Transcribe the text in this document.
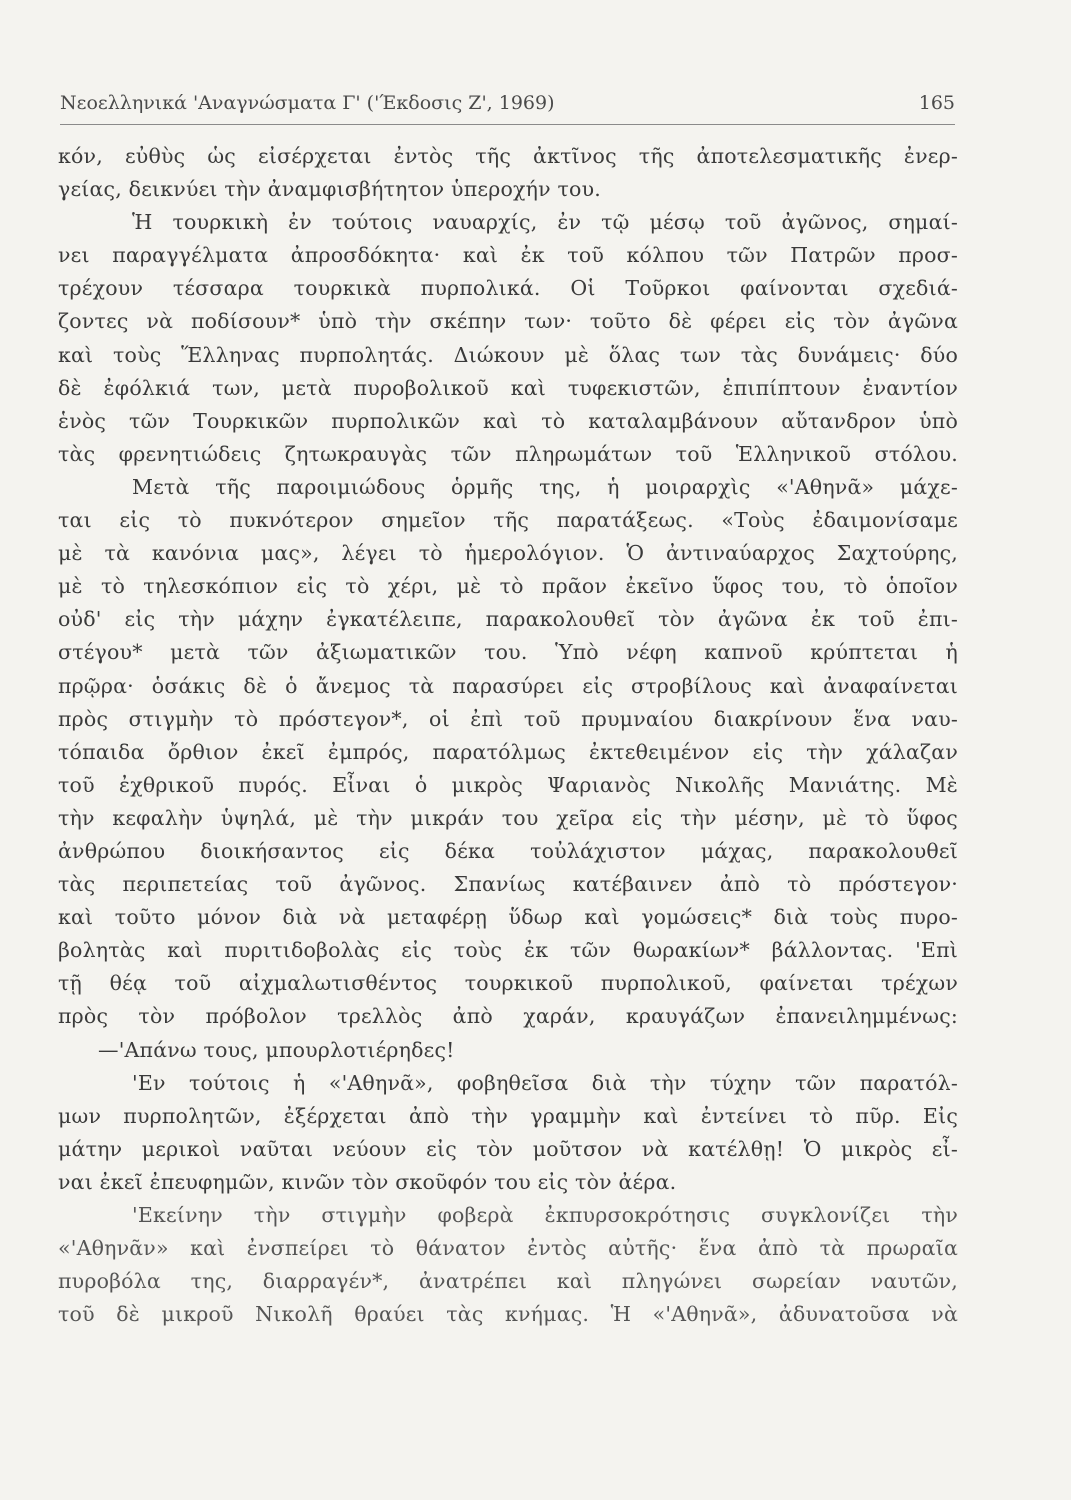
Νεοελληνικά 'Αναγνώσματα Γ' ('Έκδοσις Ζ', 1969)	165
κόν, εὐθὺς ὡς εἰσέρχεται ἐντὸς τῆς ἀκτῖνος τῆς ἀποτελεσματικῆς ἐνερ-
γείας, δεικνύει τὴν ἀναμφισβήτητον ὑπεροχήν του.
Ἡ τουρκικὴ ἐν τούτοις ναυαρχίς, ἐν τῷ μέσῳ τοῦ ἀγῶνος, σημαί-
νει παραγγέλματα ἀπροσδόκητα· καὶ ἐκ τοῦ κόλπου τῶν Πατρῶν προσ-
τρέχουν τέσσαρα τουρκικὰ πυρπολικά. Οἱ Τοῦρκοι φαίνονται σχεδιά-
ζοντες νὰ ποδίσουν* ὑπὸ τὴν σκέπην των· τοῦτο δὲ φέρει εἰς τὸν ἀγῶνα
καὶ τοὺς Ἕλληνας πυρπολητάς. Διώκουν μὲ ὅλας των τὰς δυνάμεις· δύο
δὲ ἐφόλκιά των, μετὰ πυροβολικοῦ καὶ τυφεκιστῶν, ἐπιπίπτουν ἐναντίον
ἑνὸς τῶν Τουρκικῶν πυρπολικῶν καὶ τὸ καταλαμβάνουν αὔτανδρον ὑπὸ
τὰς φρενητιώδεις ζητωκραυγὰς τῶν πληρωμάτων τοῦ Ἑλληνικοῦ στόλου.
Μετὰ τῆς παροιμιώδους ὁρμῆς της, ἡ μοιραρχὶς «'Αθηνᾶ» μάχε-
ται εἰς τὸ πυκνότερον σημεῖον τῆς παρατάξεως. «Τοὺς ἐδαιμονίσαμε
μὲ τὰ κανόνια μας», λέγει τὸ ἡμερολόγιον. Ὁ ἀντιναύαρχος Σαχτούρης,
μὲ τὸ τηλεσκόπιον εἰς τὸ χέρι, μὲ τὸ πρᾶον ἐκεῖνο ὕφος του, τὸ ὁποῖον
οὐδ' εἰς τὴν μάχην ἐγκατέλειπε, παρακολουθεῖ τὸν ἀγῶνα ἐκ τοῦ ἐπι-
στέγου* μετὰ τῶν ἀξιωματικῶν του. Ὑπὸ νέφη καπνοῦ κρύπτεται ἡ
πρῷρα· ὁσάκις δὲ ὁ ἄνεμος τὰ παρασύρει εἰς στροβίλους καὶ ἀναφαίνεται
πρὸς στιγμὴν τὸ πρόστεγον*, οἱ ἐπὶ τοῦ πρυμναίου διακρίνουν ἕνα ναυ-
τόπαιδα ὄρθιον ἐκεῖ ἐμπρός, παρατόλμως ἐκτεθειμένον εἰς τὴν χάλαζαν
τοῦ ἐχθρικοῦ πυρός. Εἶναι ὁ μικρὸς Ψαριανὸς Νικολῆς Μανιάτης. Μὲ
τὴν κεφαλὴν ὑψηλά, μὲ τὴν μικράν του χεῖρα εἰς τὴν μέσην, μὲ τὸ ὕφος
ἀνθρώπου διοικήσαντος εἰς δέκα τοὐλάχιστον μάχας, παρακολουθεῖ
τὰς περιπετείας τοῦ ἀγῶνος. Σπανίως κατέβαινεν ἀπὸ τὸ πρόστεγον·
καὶ τοῦτο μόνον διὰ νὰ μεταφέρῃ ὕδωρ καὶ γομώσεις* διὰ τοὺς πυρο-
βολητὰς καὶ πυριτιδοβολὰς εἰς τοὺς ἐκ τῶν θωρακίων* βάλλοντας. 'Επὶ
τῇ θέᾳ τοῦ αἰχμαλωτισθέντος τουρκικοῦ πυρπολικοῦ, φαίνεται τρέχων
πρὸς τὸν πρόβολον τρελλὸς ἀπὸ χαράν, κραυγάζων ἐπανειλημμένως:
—'Απάνω τους, μπουρλοτιέρηδες!
'Εν τούτοις ἡ «'Αθηνᾶ», φοβηθεῖσα διὰ τὴν τύχην τῶν παρατόλ-
μων πυρπολητῶν, ἐξέρχεται ἀπὸ τὴν γραμμὴν καὶ ἐντείνει τὸ πῦρ. Εἰς
μάτην μερικοὶ ναῦται νεύουν εἰς τὸν μοῦτσον νὰ κατέλθῃ! Ὁ μικρὸς εἶ-
ναι ἐκεῖ ἐπευφημῶν, κινῶν τὸν σκοῦφόν του εἰς τὸν ἀέρα.
'Εκείνην τὴν στιγμὴν φοβερὰ ἐκπυρσοκρότησις συγκλονίζει τὴν
«'Αθηνᾶν» καὶ ἐνσπείρει τὸ θάνατον ἐντὸς αὐτῆς· ἕνα ἀπὸ τὰ πρωραῖα
πυροβόλα της, διαρραγέν*, ἀνατρέπει καὶ πληγώνει σωρείαν ναυτῶν,
τοῦ δὲ μικροῦ Νικολῆ θραύει τὰς κνήμας. Ἡ «'Αθηνᾶ», ἀδυνατοῦσα νὰ
